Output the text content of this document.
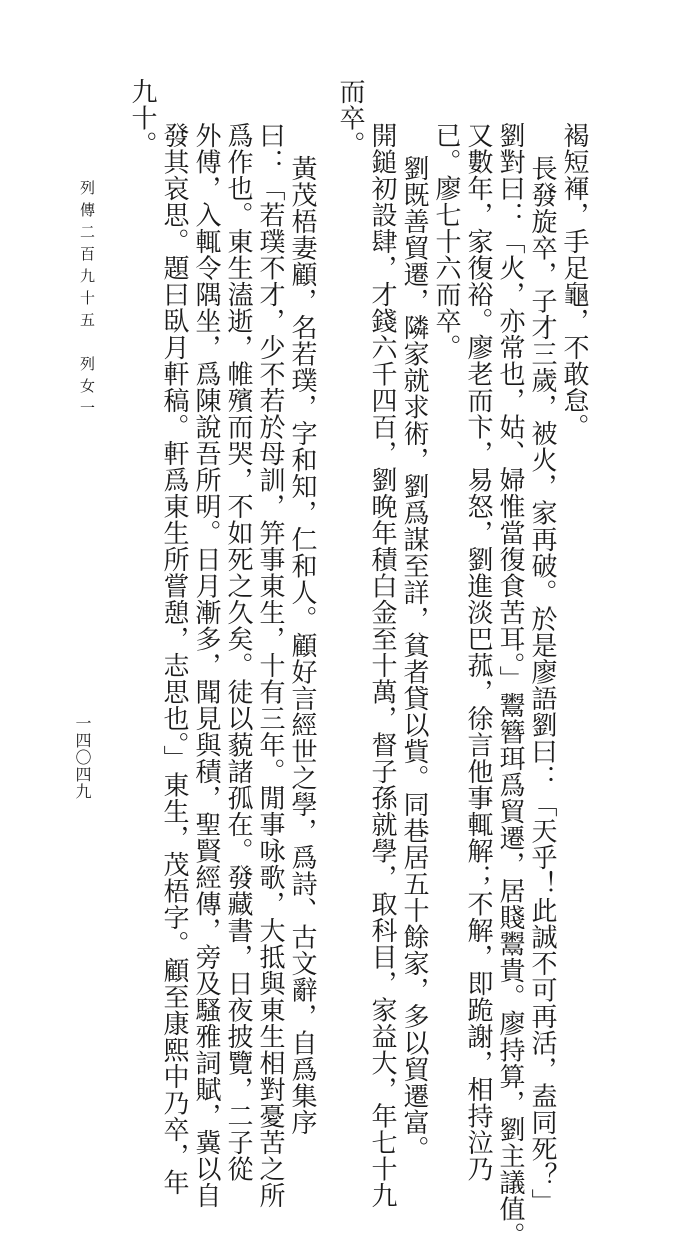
九十。
發其哀思。題曰臥月軒稿。軒爲東生所嘗憩，志思也。」東生，茂梧字。顧至康熙中乃卒，年 外傅，入輒令隅坐，爲陳說吾所明。日月漸多，聞見與積，聖賢經傳，旁及騷雅詞賦，冀以自 爲作也。東生溘逝，帷殯而哭，不如死之久矣。徒以藐諸孤在。發藏書，日夜披覽，二子從 曰：「若璞不才，少不若於母訓，笄事東生，十有三年。閒事咏歌，大抵與東生相對憂苦之所 黃茂梧妻顧，名若璞，字和知，仁和人。顧好言經世之學，爲詩、古文辭，自爲集序
而卒。
開鎚初設肆，才錢六千四百，劉晚年積白金至十萬，督子孫就學，取科目，家益大，年七十九 劉既善貿遷，隣家就求術，劉爲謀至詳，貧者貸以貲。同巷居五十餘家，多以貿遷富。 已。廖七十六而卒。 又數年，家復裕。廖老而卞，易怒，劉進淡巴菰，徐言他事輒解；不解，即跪謝，相持泣乃 劉對曰：「火，亦常也，姑、婦惟當復食苦耳。」鬻簪珥爲貿遷，居賤鬻貴。廖持算，劉主議值。 長發旋卒，子才三歲，被火，家再破。於是廖語劉曰：「天乎！此誠不可再活，盍同死？」 褐短褌，手足龜，不敢怠。
列傳二百九十五　列女一
一四〇四九
